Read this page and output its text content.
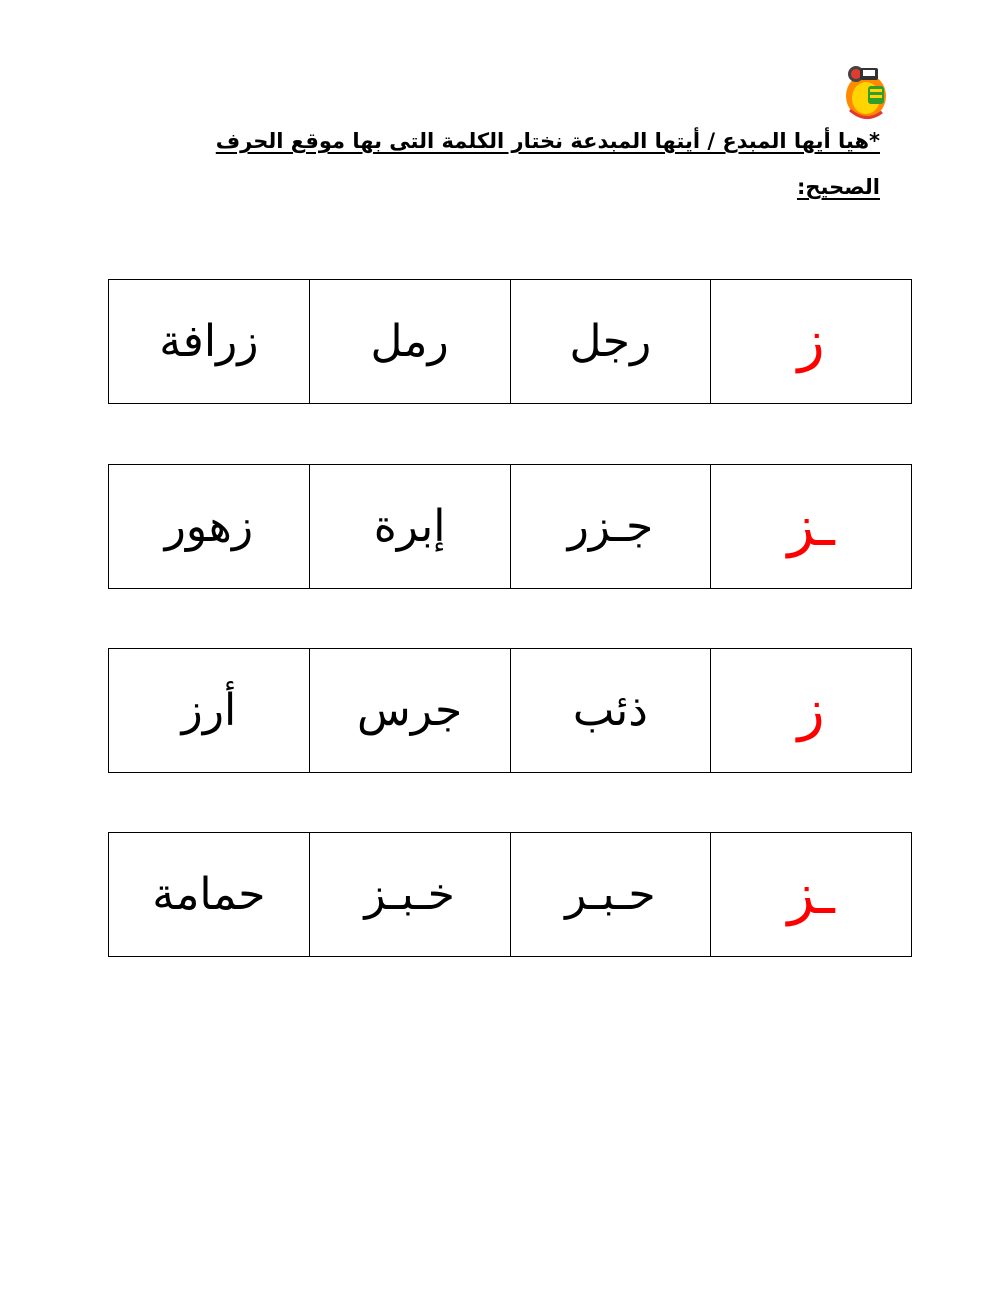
*هيا أيها المبدع / أيتها المبدعة نختار الكلمة التى بها موقع الحرف الصحيح:
ز	رجل	رمل	زرافة
ـز	جـزر	إبرة	زهور
ز	ذئب	جرس	أرز
ـز	حـبـر	خـبـز	حمامة
